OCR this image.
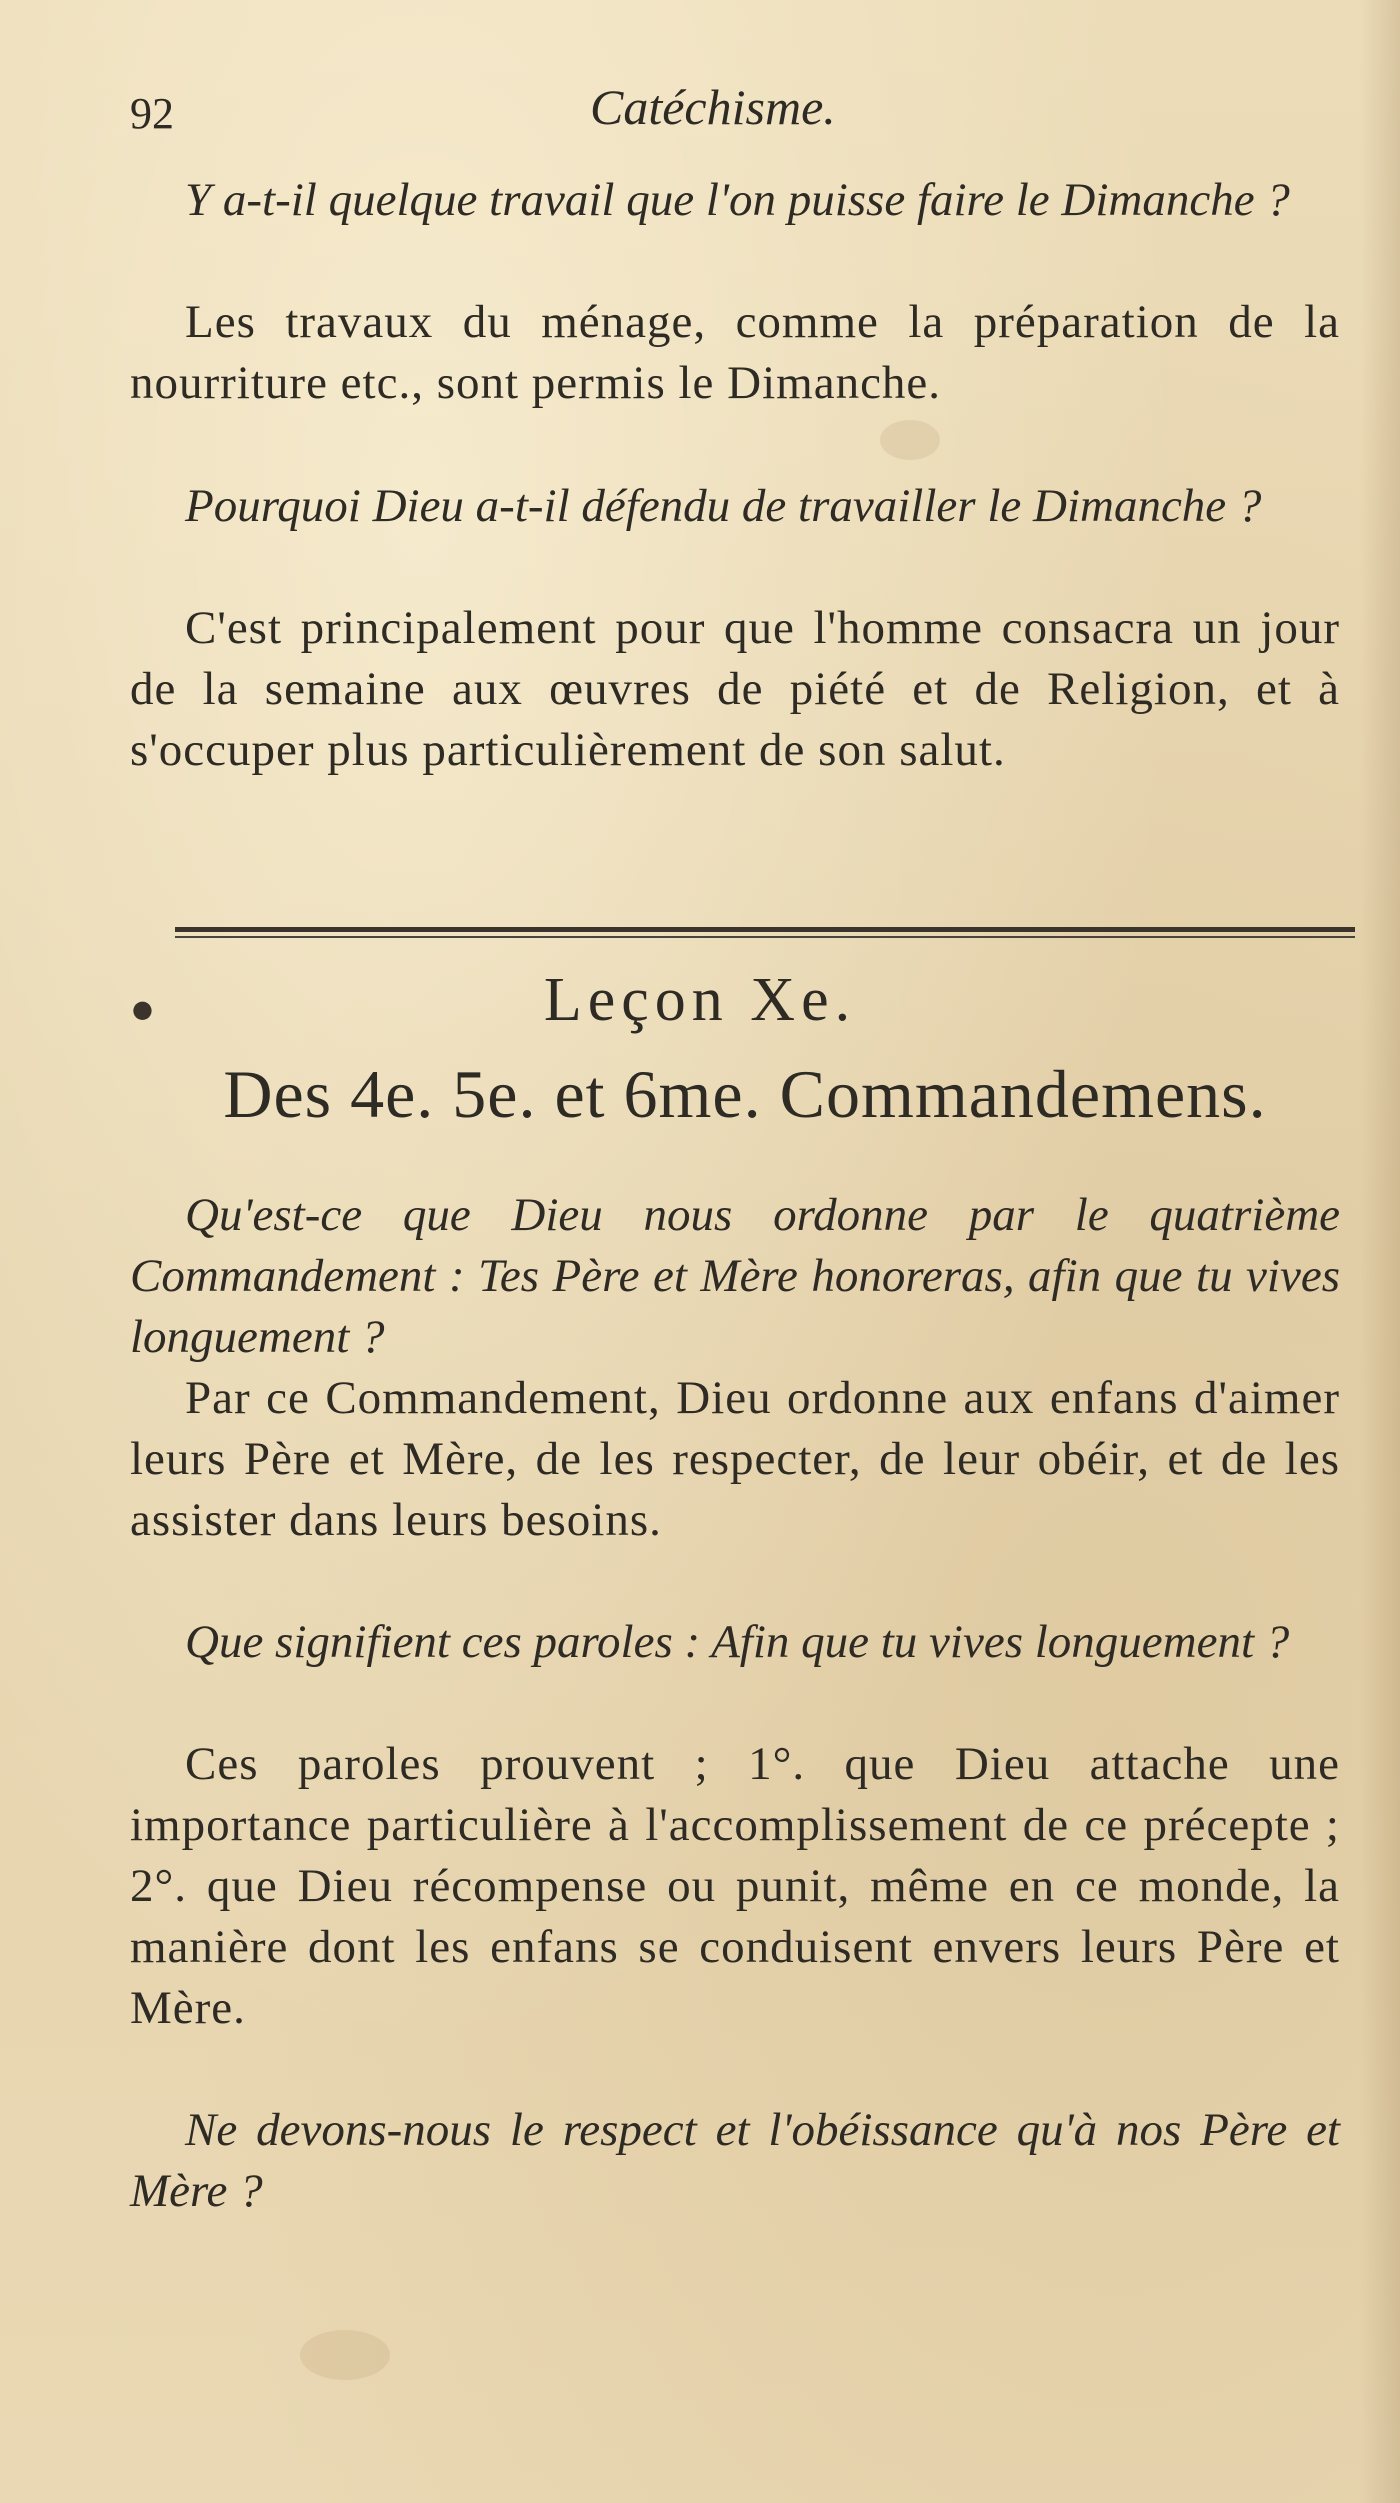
92	Catéchisme.

Y a-t-il quelque travail que l'on puisse faire le Dimanche ?

Les travaux du ménage, comme la préparation de la nourriture etc., sont permis le Dimanche.

Pourquoi Dieu a-t-il défendu de travailler le Dimanche ?

C'est principalement pour que l'homme consacra un jour de la semaine aux œuvres de piété et de Religion, et à s'occuper plus particulièrement de son salut.

●	Leçon Xe.
Des 4e. 5e. et 6me. Commandemens.

Qu'est-ce que Dieu nous ordonne par le quatrième Commandement : Tes Père et Mère honoreras, afin que tu vives longuement ?

Par ce Commandement, Dieu ordonne aux enfans d'aimer leurs Père et Mère, de les respecter, de leur obéir, et de les assister dans leurs besoins.

Que signifient ces paroles : Afin que tu vives longuement ?

Ces paroles prouvent ; 1°. que Dieu attache une importance particulière à l'accomplissement de ce précepte ; 2°. que Dieu récompense ou punit, même en ce monde, la manière dont les enfans se conduisent envers leurs Père et Mère.

Ne devons-nous le respect et l'obéissance qu'à nos Père et Mère ?
